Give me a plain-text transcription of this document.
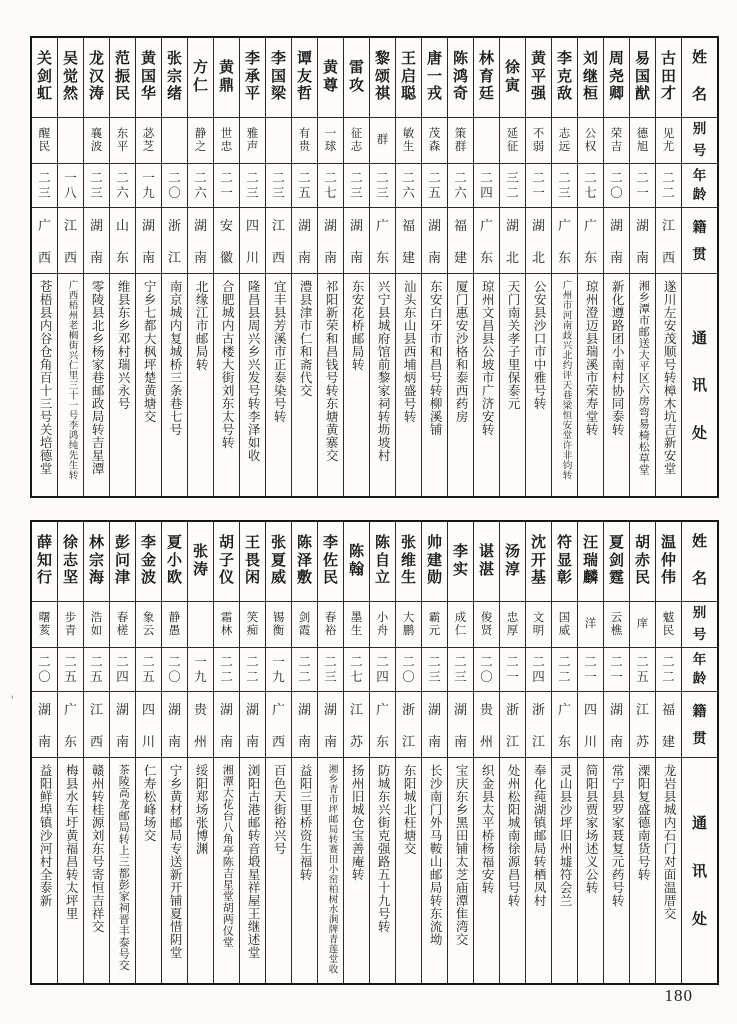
姓
名
别
号
年
龄
籍
贯
通
讯
处
古
田
才
见
尤
二
二
江
西
遂川左安茂顺号转樟木坑吉新安堂
易
国
猷
德
旭
二
一
湖
南
湘乡潭市邮送大平区六房弯易椅松草堂
周
尧
卿
荣
吉
二
〇
湖
南
新化遵路团小南村协同泰转
刘
继
桓
公
权
二
七
广
东
琼州澄迈县瑞溪市荣寿堂转
李
克
敌
志
远
二
三
广
东
广州市河南歧兴北约评天巷梁恒安堂许非钧转
黄
平
强
不
弱
二
一
湖
北
公安县沙口市中雅号转
徐
寅
延
征
三
二
湖
北
天门南关孝子里保泰元
林
育
廷
二
四
广
东
琼州文昌县公坡市广济安转
陈
鸿
奇
策
群
二
六
福
建
厦门惠安沙格和泰西药房
唐
一
戎
茂
森
二
五
湖
南
东安白牙市和昌号转柳溪铺
王
启
聪
敏
生
二
六
福
建
汕头东山县西埔炳盛号转
黎
颂
祺
群
二
三
广
东
兴宁县城府馆前黎家祠转坜坡村
雷
攻
征
志
二
三
湖
南
东安花桥邮局转
黄
尊
一
球
二
七
湖
南
祁阳新荣和昌钱号转东塘黄寨交
谭
友
哲
有
贵
二
五
湖
南
澧县津市仁和斋代交
李
国
梁
二
三
江
西
宜丰县芳溪市正泰染号转
李
承
平
雅
声
二
三
四
川
隆昌县周兴乡兴发号转李泽如收
黄
鼎
世
忠
二
一
安
徽
合肥城内古楼大街刘东太号转
方
仁
静
之
二
六
湖
南
北缘江市邮局转
张
宗
绪
二
〇
浙
江
南京城内复城桥三条巷七号
黄
国
华
苾
芝
一
九
湖
南
宁乡七都大枫坪楚黄塘交
范
振
民
东
平
二
六
山
东
维县东乡邓村瑞兴永号
龙
汉
涛
襄
波
二
三
湖
南
零陵县北乡杨家巷邮政局转吉星潭
吴
觉
然
一
八
江
西
广西梧州老榈街兴仁里三十一号李鸿纯先生转
关
剑
虹
醒
民
二
三
广
西
苍梧县内谷仓角百十三号关培德堂
姓
名
别
号
年
龄
籍
贯
通
讯
处
温
仲
伟
魃
民
二
二
福
建
龙岩县城内石门对面温厝交
胡
赤
民
庠
二
五
江
苏
溧阳复盛德南货号转
夏
剑
霆
云
樵
二
一
湖
南
常宁县罗家聂复元药号转
汪
瑞
麟
洋
二
一
四
川
简阳县贾家场述义公转
符
显
彰
国
威
二
二
广
东
灵山县沙坪旧州墟符会兰
沈
开
基
文
明
二
四
浙
江
奉化莼湖镇邮局转栖凤村
汤
淳
忠
厚
二
一
浙
江
处州松阳城南徐源昌号转
谌
湛
俊
贤
二
〇
贵
州
织金县太平桥杨福安转
李
实
成
仁
二
三
湖
南
宝庆东乡黑田铺太芝庙潭隹湾交
帅
建
勋
霸
元
二
三
湖
南
长沙南门外马鞍山邮局转东流坳
张
维
生
大
鹏
二
〇
浙
江
东阳城北枉塘交
陈
自
立
小
舟
二
四
广
东
防城东兴街克强路五十九号转
陈
翰
墨
生
二
七
江
苏
扬州旧城仓宝善庵转
李
佐
民
春
裕
二
三
湖
南
湘乡青市坪邮局转赛田小窑柏树水涧牌青莲堂收
陈
泽
敷
剑
霞
二
二
湖
南
益阳三里桥资生福转
张
夏
威
锡
衡
一
九
广
西
百色天街裕兴号
王
畏
闲
笑
痴
二
二
湖
南
浏阳古港邮转音塅星祥屋王继述堂
胡
子
仪
霜
林
二
二
湖
南
湘潭大花台八角亭陈吉星堂胡两仪堂
张
涛
一
九
贵
州
绥阳郑场张博渊
夏
小
欧
静
愚
二
〇
湖
南
宁乡黄材邮局专送新开铺夏惜阴堂
李
金
波
象
云
二
五
四
川
仁寿松峰场交
彭
问
津
春
槎
二
四
湖
南
茶陵高龙邮局转上三都彭家祠晋丰泰号交
林
宗
海
浩
如
二
五
江
西
赣州转桂源刘东号寄恒吉祥交
徐
志
坚
步
青
二
五
广
东
梅县水车圩黄福昌转太坪里
薛
知
行
曙
荄
二
〇
湖
南
益阳鲜埠镇沙河村全泰新
、
180
